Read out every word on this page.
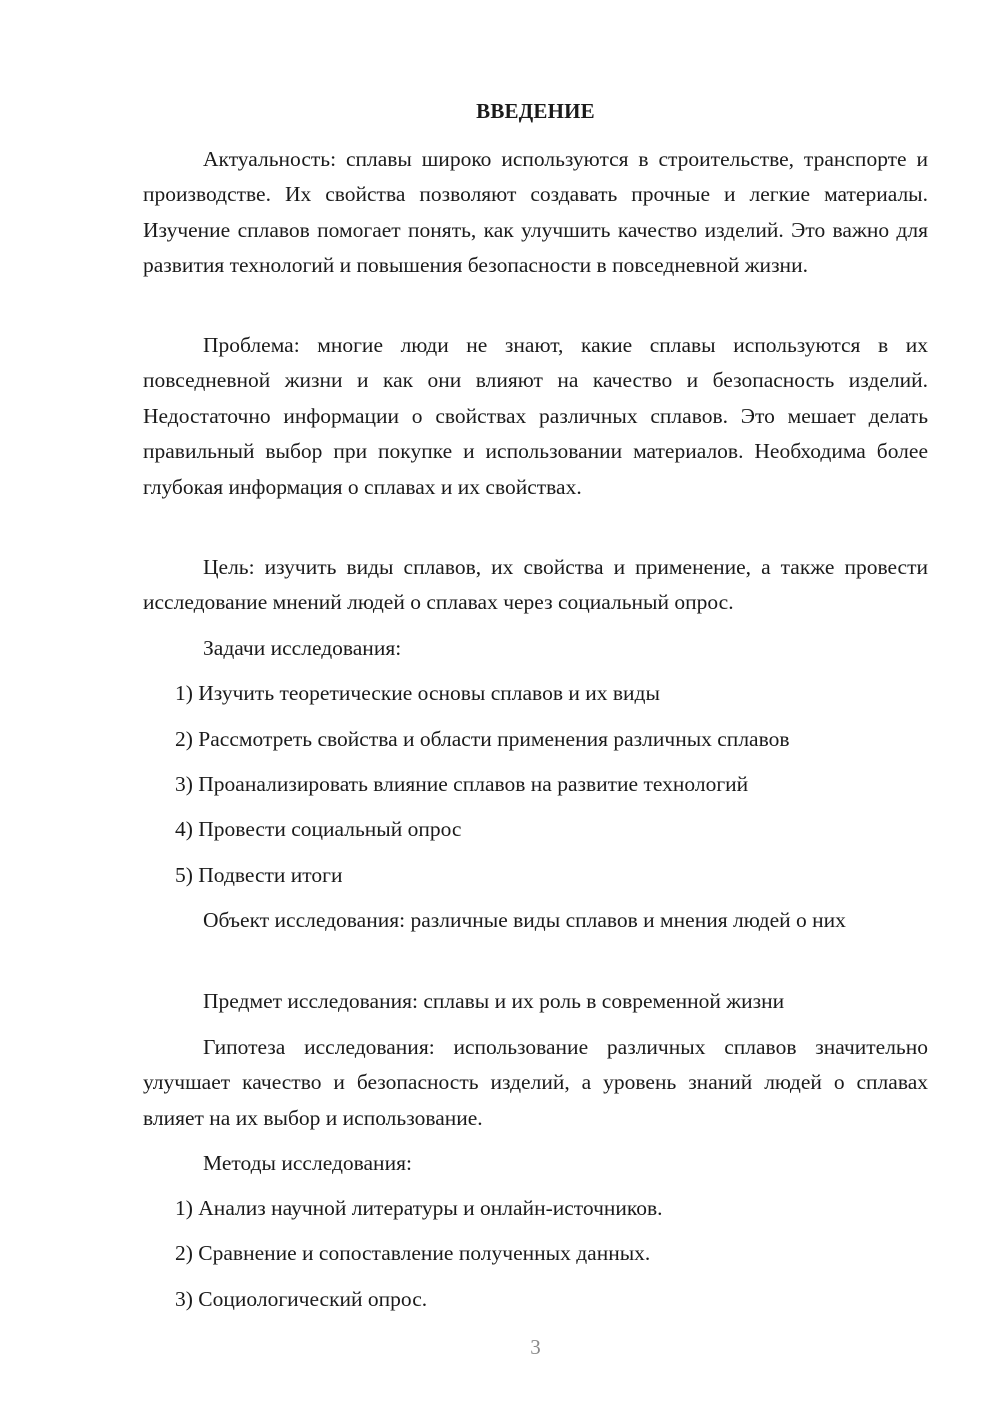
ВВЕДЕНИЕ

Актуальность: сплавы широко используются в строительстве, транспорте и производстве. Их свойства позволяют создавать прочные и легкие материалы. Изучение сплавов помогает понять, как улучшить качество изделий. Это важно для развития технологий и повышения безопасности в повседневной жизни.

Проблема: многие люди не знают, какие сплавы используются в их повседневной жизни и как они влияют на качество и безопасность изделий. Недостаточно информации о свойствах различных сплавов. Это мешает делать правильный выбор при покупке и использовании материалов. Необходима более глубокая информация о сплавах и их свойствах.

Цель: изучить виды сплавов, их свойства и применение, а также провести исследование мнений людей о сплавах через социальный опрос.

Задачи исследования:

1) Изучить теоретические основы сплавов и их виды

2) Рассмотреть свойства и области применения различных сплавов

3) Проанализировать влияние сплавов на развитие технологий

4) Провести социальный опрос

5) Подвести итоги

Объект исследования: различные виды сплавов и мнения людей о них

Предмет исследования: сплавы и их роль в современной жизни

Гипотеза исследования: использование различных сплавов значительно улучшает качество и безопасность изделий, а уровень знаний людей о сплавах влияет на их выбор и использование.

Методы исследования:

1) Анализ научной литературы и онлайн-источников.

2) Сравнение и сопоставление полученных данных.

3) Социологический опрос.

3
